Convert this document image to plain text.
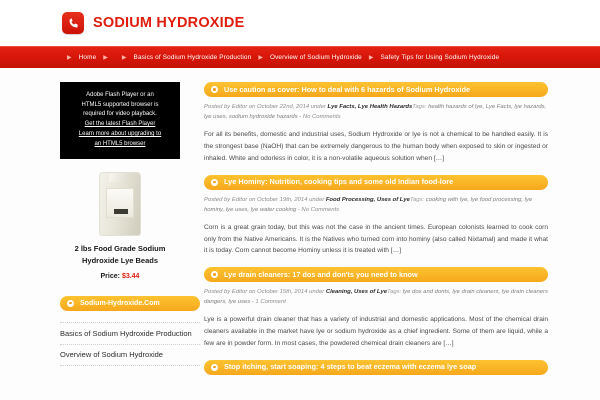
SODIUM HYDROXIDE
▶ Home ▶ ▶ Basics of Sodium Hydroxide Production ▶ Overview of Sodium Hydroxide ▶ Safety Tips for Using Sodium Hydroxide
Adobe Flash Player or an
HTML5 supported browser is
required for video playback.
Get the latest Flash Player
Learn more about upgrading to
an HTML5 browser
2 lbs Food Grade Sodium Hydroxide Lye Beads
Price: $3.44
Sodium-Hydroxide.Com
Basics of Sodium Hydroxide Production
Overview of Sodium Hydroxide
Use caution as cover: How to deal with 6 hazards of Sodium Hydroxide
Posted by Editor on October 22nd, 2014 under Lye Facts, Lye Health HazardsTags: health hazards of lye, Lye Facts, lye hazards, lye uses, sodium hydroxide hazards - No Comments
For all its benefits, domestic and industrial uses, Sodium Hydroxide or lye is not a chemical to be handled easily. It is the strongest base (NaOH) that can be extremely dangerous to the human body when exposed to skin or ingested or inhaled. White and odorless in color, it is a non-volatile aqueous solution when […]
Lye Hominy: Nutrition, cooking tips and some old Indian food-lore
Posted by Editor on October 19th, 2014 under Food Processing, Uses of LyeTags: cooking with lye, lye food processing, lye hominy, lye uses, lye water cooking - No Comments
Corn is a great grain today, but this was not the case in the ancient times. European colonists learned to cook corn only from the Native Americans. It is the Natives who turned corn into hominy (also called Nixtamal) and made it what it is today. Corn cannot become Hominy unless it is treated with […]
Lye drain cleaners: 17 dos and don'ts you need to know
Posted by Editor on October 15th, 2014 under Cleaning, Uses of LyeTags: lye dos and donts, lye drain cleaners, lye drain cleaners dangers, lye uses - 1 Comment
Lye is a powerful drain cleaner that has a variety of industrial and domestic applications. Most of the chemical drain cleaners available in the market have lye or sodium hydroxide as a chief ingredient. Some of them are liquid, while a few are in powder form. In most cases, the powdered chemical drain cleaners are […]
Stop itching, start soaping: 4 steps to beat eczema with eczema lye soap
